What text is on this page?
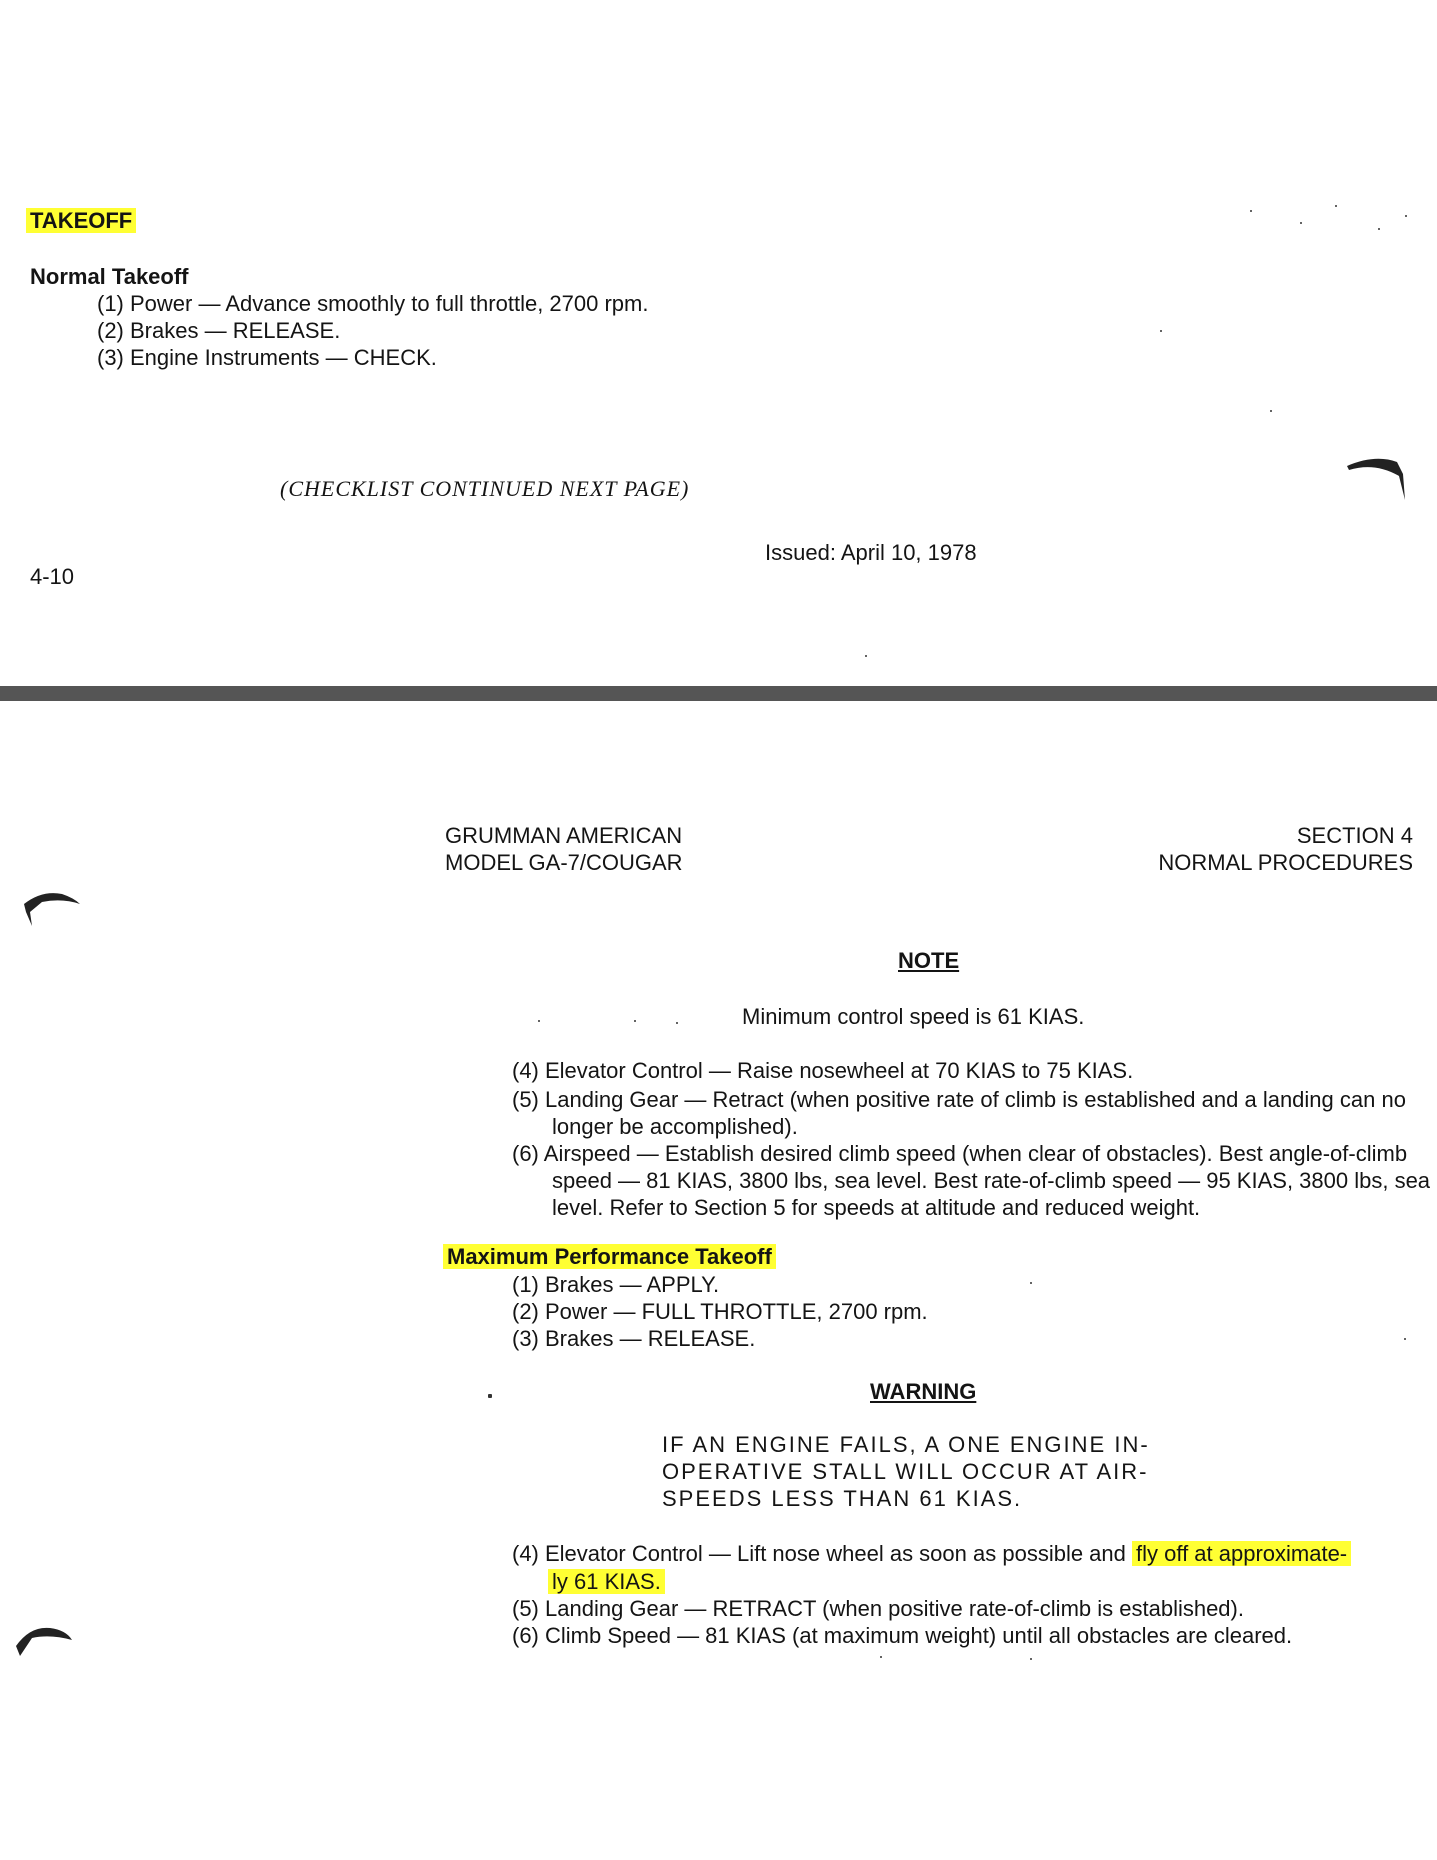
TAKEOFF
Normal Takeoff
(1) Power — Advance smoothly to full throttle, 2700 rpm.
(2) Brakes — RELEASE.
(3) Engine Instruments — CHECK.
(CHECKLIST CONTINUED NEXT PAGE)
Issued: April 10, 1978
4-10
GRUMMAN AMERICAN
MODEL GA-7/COUGAR
SECTION 4
NORMAL PROCEDURES
NOTE
Minimum control speed is 61 KIAS.
(4) Elevator Control — Raise nosewheel at 70 KIAS to 75 KIAS.
(5) Landing Gear — Retract (when positive rate of climb is established and a landing can no longer be accomplished).
(6) Airspeed — Establish desired climb speed (when clear of obstacles). Best angle-of-climb speed — 81 KIAS, 3800 lbs, sea level. Best rate-of-climb speed — 95 KIAS, 3800 lbs, sea level. Refer to Section 5 for speeds at altitude and reduced weight.
Maximum Performance Takeoff
(1) Brakes — APPLY.
(2) Power — FULL THROTTLE, 2700 rpm.
(3) Brakes — RELEASE.
WARNING
IF AN ENGINE FAILS, A ONE ENGINE IN-
OPERATIVE STALL WILL OCCUR AT AIR-
SPEEDS LESS THAN 61 KIAS.
(4) Elevator Control — Lift nose wheel as soon as possible and fly off at approximate-
ly 61 KIAS.
(5) Landing Gear — RETRACT (when positive rate-of-climb is established).
(6) Climb Speed — 81 KIAS (at maximum weight) until all obstacles are cleared.
